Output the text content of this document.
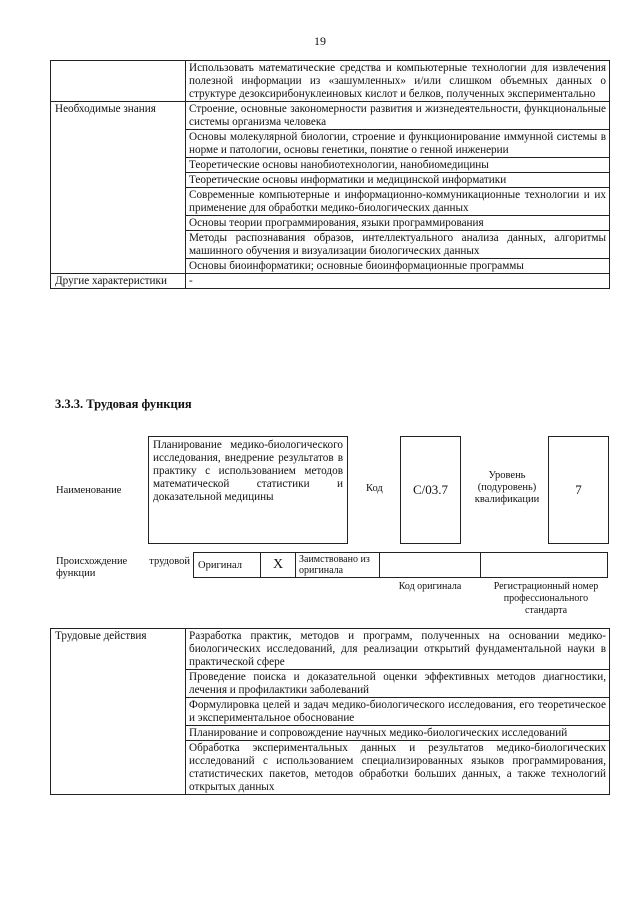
19
	Использовать математические средства и компьютерные технологии для извлечения полезной информации из «зашумленных» и/или слишком объемных данных о структуре дезоксирибонуклеиновых кислот и белков, полученных экспериментально
Необходимые знания	Строение, основные закономерности развития и жизнедеятельности, функциональные системы организма человека
	Основы молекулярной биологии, строение и функционирование иммунной системы в норме и патологии, основы генетики, понятие о генной инженерии
	Теоретические основы нанобиотехнологии, нанобиомедицины
	Теоретические основы информатики и медицинской информатики
	Современные компьютерные и информационно-коммуникационные технологии и их применение для обработки медико-биологических данных
	Основы теории программирования, языки программирования
	Методы распознавания образов, интеллектуального анализа данных, алгоритмы машинного обучения и визуализации биологических данных
	Основы биоинформатики; основные биоинформационные программы
Другие характеристики	-
3.3.3. Трудовая функция
Наименование
Планирование медико-биологического исследования, внедрение результатов в практику с использованием методов математической статистики и доказательной медицины
Код	C/03.7
Уровень (подуровень) квалификации
7
Происхождение трудовой функции
Оригинал	X	Заимствовано из оригинала
Код оригинала	Регистрационный номер профессионального стандарта
Трудовые действия	Разработка практик, методов и программ, полученных на основании медико-биологических исследований, для реализации открытий фундаментальной науки в практической сфере
Проведение поиска и доказательной оценки эффективных методов диагностики, лечения и профилактики заболеваний
Формулировка целей и задач медико-биологического исследования, его теоретическое и экспериментальное обоснование
Планирование и сопровождение научных медико-биологических исследований
Обработка экспериментальных данных и результатов медико-биологических исследований с использованием специализированных языков программирования, статистических пакетов, методов обработки больших данных, а также технологий открытых данных
